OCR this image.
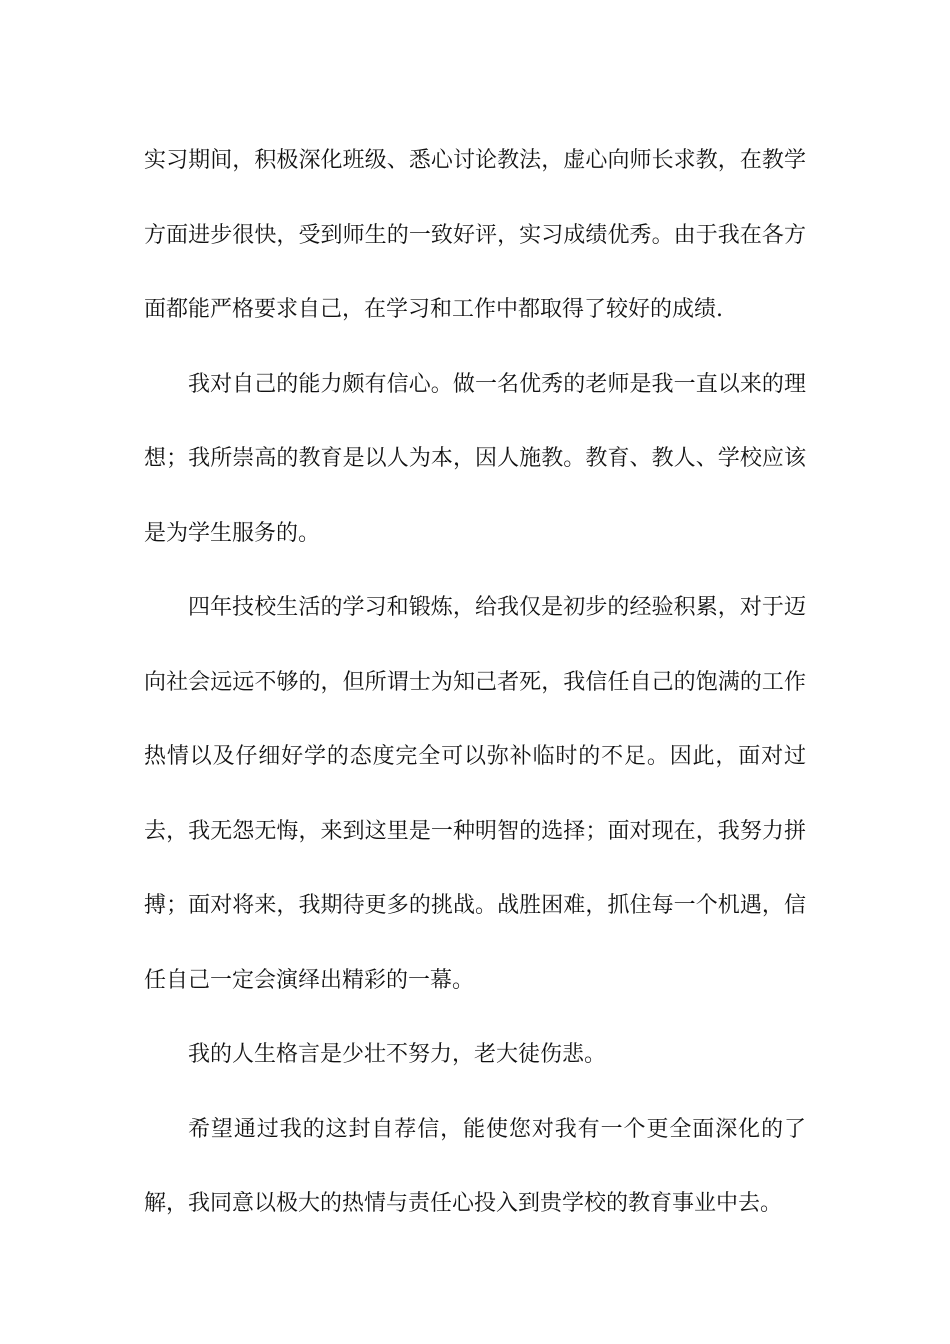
实习期间，积极深化班级、悉心讨论教法，虚心向师长求教，在教学方面进步很快，受到师生的一致好评，实习成绩优秀。由于我在各方面都能严格要求自己，在学习和工作中都取得了较好的成绩.

我对自己的能力颇有信心。做一名优秀的老师是我一直以来的理想；我所崇高的教育是以人为本，因人施教。教育、教人、学校应该是为学生服务的。

四年技校生活的学习和锻炼，给我仅是初步的经验积累，对于迈向社会远远不够的，但所谓士为知己者死，我信任自己的饱满的工作热情以及仔细好学的态度完全可以弥补临时的不足。因此，面对过去，我无怨无悔，来到这里是一种明智的选择；面对现在，我努力拼搏；面对将来，我期待更多的挑战。战胜困难，抓住每一个机遇，信任自己一定会演绎出精彩的一幕。

我的人生格言是少壮不努力，老大徒伤悲。

希望通过我的这封自荐信，能使您对我有一个更全面深化的了解，我同意以极大的热情与责任心投入到贵学校的教育事业中去。
